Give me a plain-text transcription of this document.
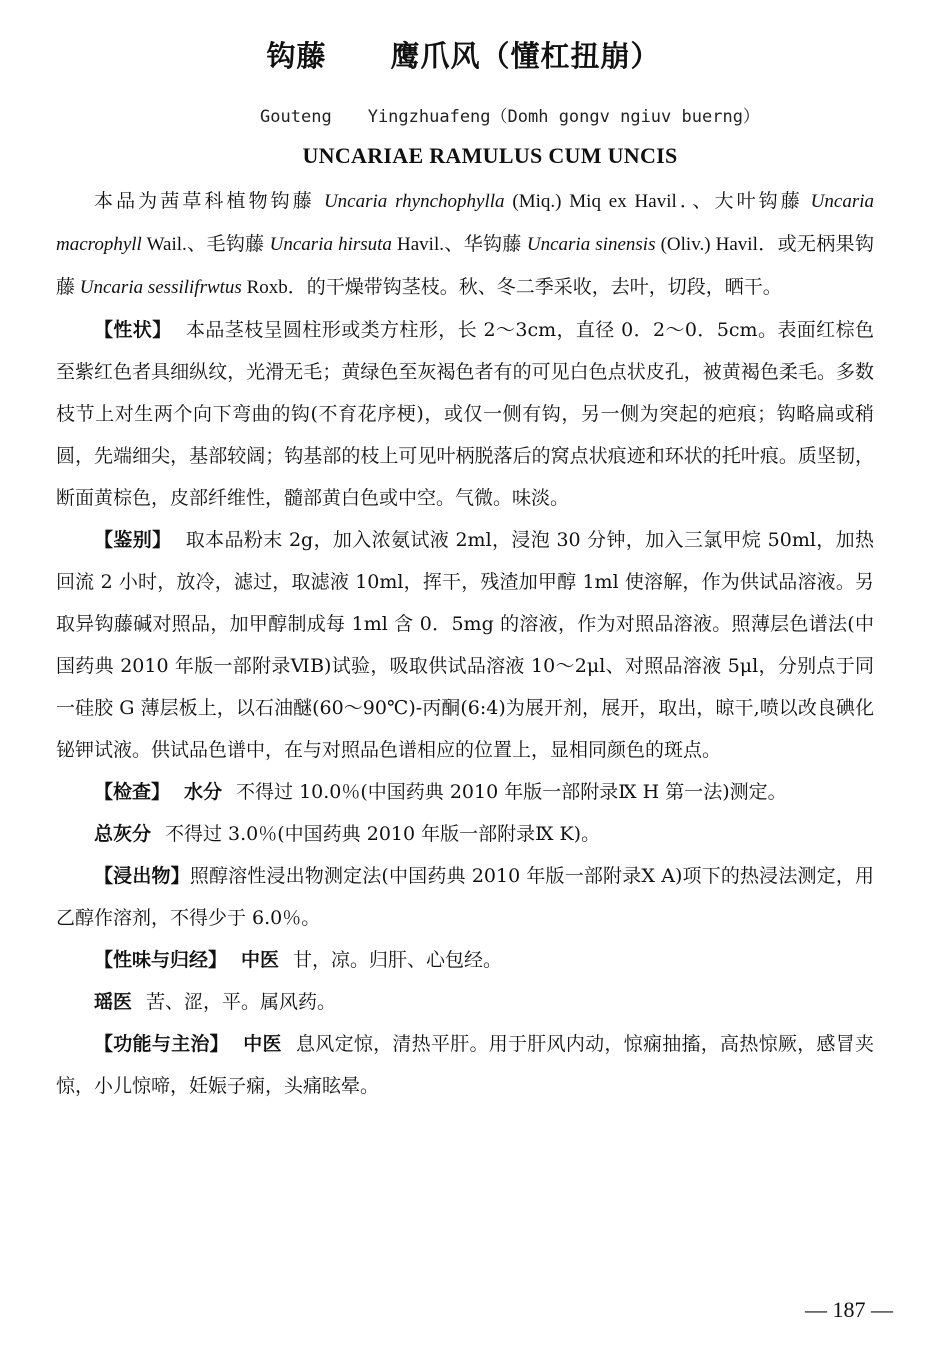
钩藤 鹰爪风（懂杠扭崩）
Gouteng Yingzhuafeng（Domh gongv ngiuv buerng）
UNCARIAE RAMULUS CUM UNCIS

本品为茜草科植物钩藤 Uncaria rhynchophylla (Miq.) Miq ex Havil．、大叶钩藤 Uncaria macrophyll Wail.、毛钩藤 Uncaria hirsuta Havil.、华钩藤 Uncaria sinensis (Oliv.) Havil．或无柄果钩藤 Uncaria sessilifrwtus Roxb．的干燥带钩茎枝。秋、冬二季采收，去叶，切段，晒干。

【性状】 本品茎枝呈圆柱形或类方柱形，长 2～3cm，直径 0．2～0．5cm。表面红棕色至紫红色者具细纵纹，光滑无毛；黄绿色至灰褐色者有的可见白色点状皮孔，被黄褐色柔毛。多数枝节上对生两个向下弯曲的钩(不育花序梗)，或仅一侧有钩，另一侧为突起的疤痕；钩略扁或稍圆，先端细尖，基部较阔；钩基部的枝上可见叶柄脱落后的窝点状痕迹和环状的托叶痕。质坚韧，断面黄棕色，皮部纤维性，髓部黄白色或中空。气微。味淡。

【鉴别】 取本品粉末 2g，加入浓氨试液 2ml，浸泡 30 分钟，加入三氯甲烷 50ml，加热回流 2 小时，放冷，滤过，取滤液 10ml，挥干，残渣加甲醇 1ml 使溶解，作为供试品溶液。另取异钩藤碱对照品，加甲醇制成每 1ml 含 0．5mg 的溶液，作为对照品溶液。照薄层色谱法(中国药典 2010 年版一部附录ⅥB)试验，吸取供试品溶液 10～2μl、对照品溶液 5μl，分别点于同一硅胶 G 薄层板上，以石油醚(60～90℃)-丙酮(6:4)为展开剂，展开，取出，晾干,喷以改良碘化铋钾试液。供试品色谱中，在与对照品色谱相应的位置上，显相同颜色的斑点。

【检查】 水分 不得过 10.0％(中国药典 2010 年版一部附录Ⅸ H 第一法)测定。

总灰分 不得过 3.0％(中国药典 2010 年版一部附录Ⅸ K)。

【浸出物】照醇溶性浸出物测定法(中国药典 2010 年版一部附录Ⅹ A)项下的热浸法测定，用乙醇作溶剂，不得少于 6.0％。

【性味与归经】 中医 甘，凉。归肝、心包经。

瑶医 苦、涩，平。属风药。

【功能与主治】 中医 息风定惊，清热平肝。用于肝风内动，惊痫抽搐，高热惊厥，感冒夹惊，小儿惊啼，妊娠子痫，头痛眩晕。

— 187 —
